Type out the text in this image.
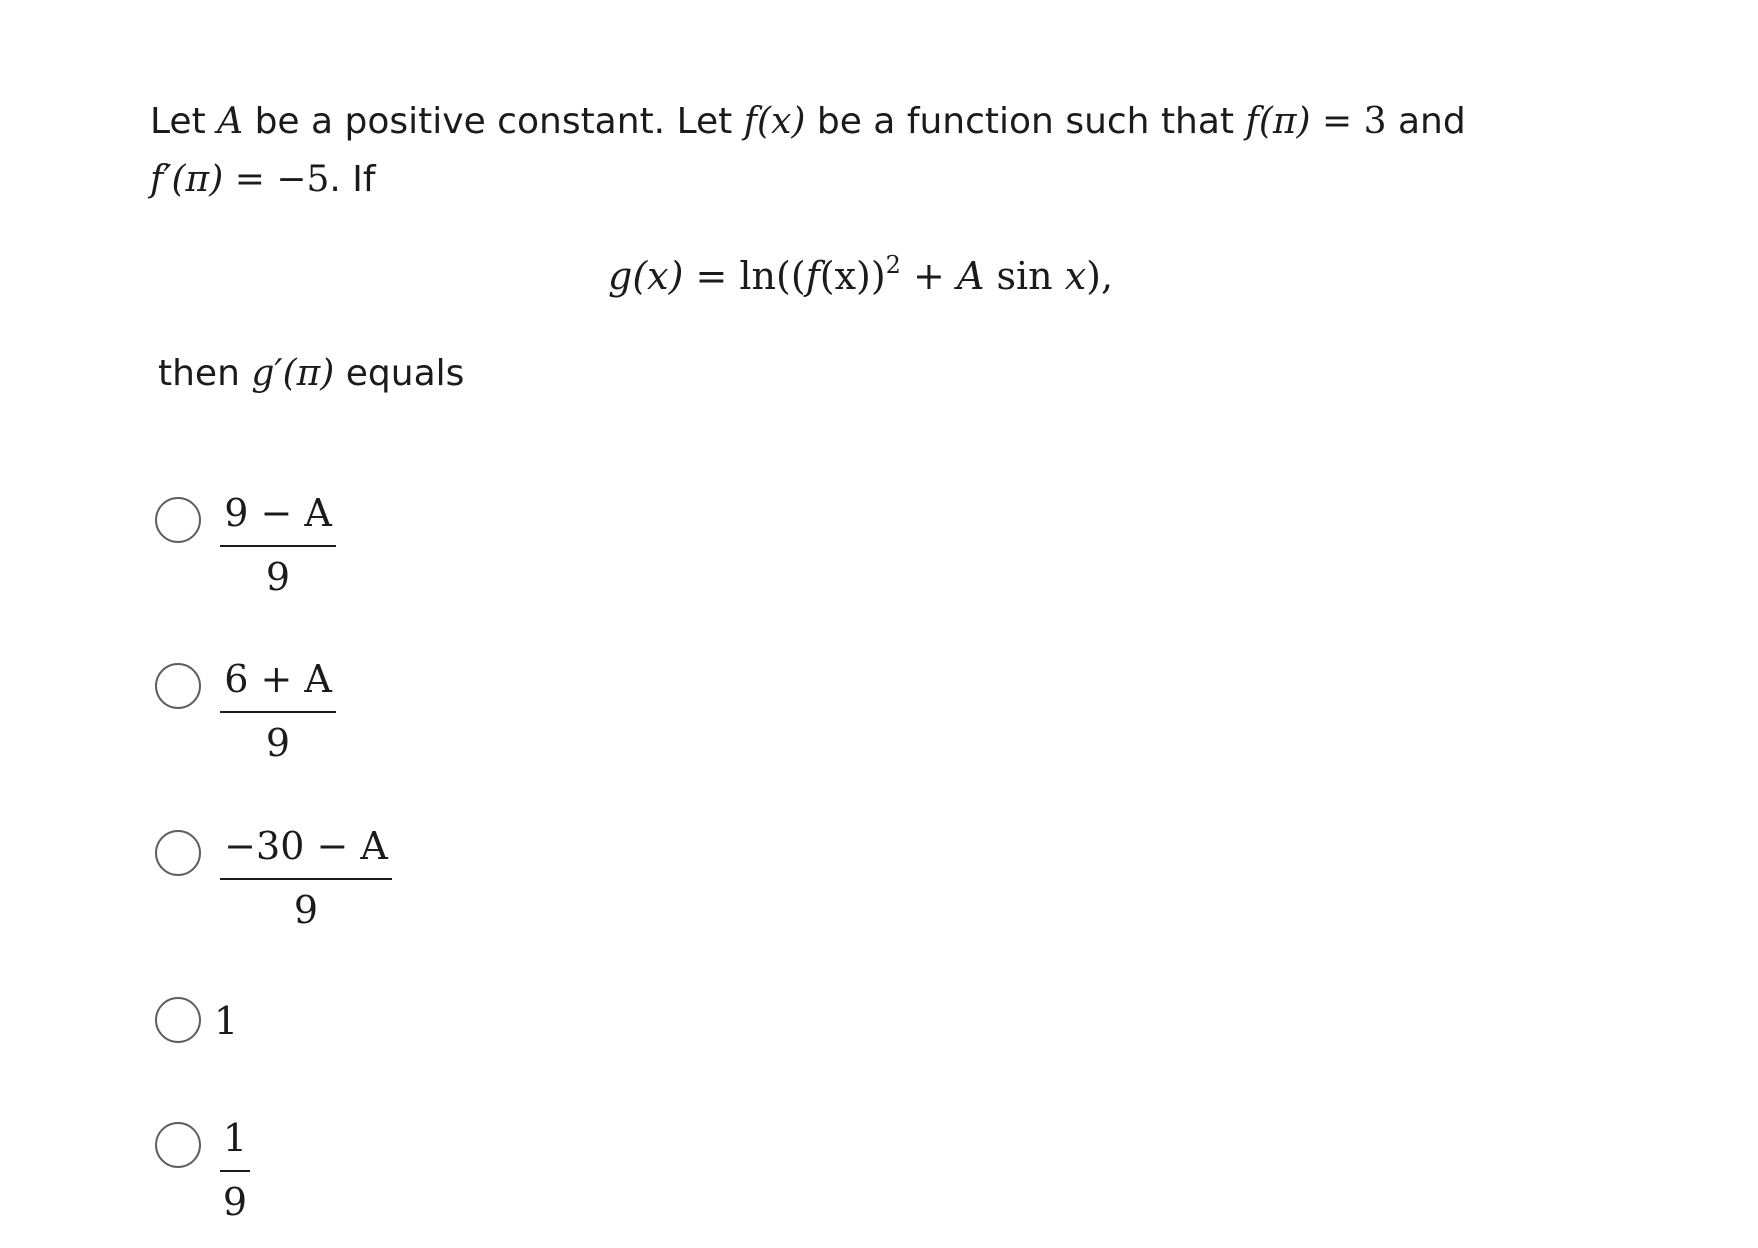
Let A be a positive constant. Let f(x) be a function such that f(π) = 3 and
f′(π) = −5. If
$g(x) = \ln((f(x))^2 + A$ sin x),
then g′(π) equals
9 − A
9
6 + A
9
−30 − A
9
1
1
9
